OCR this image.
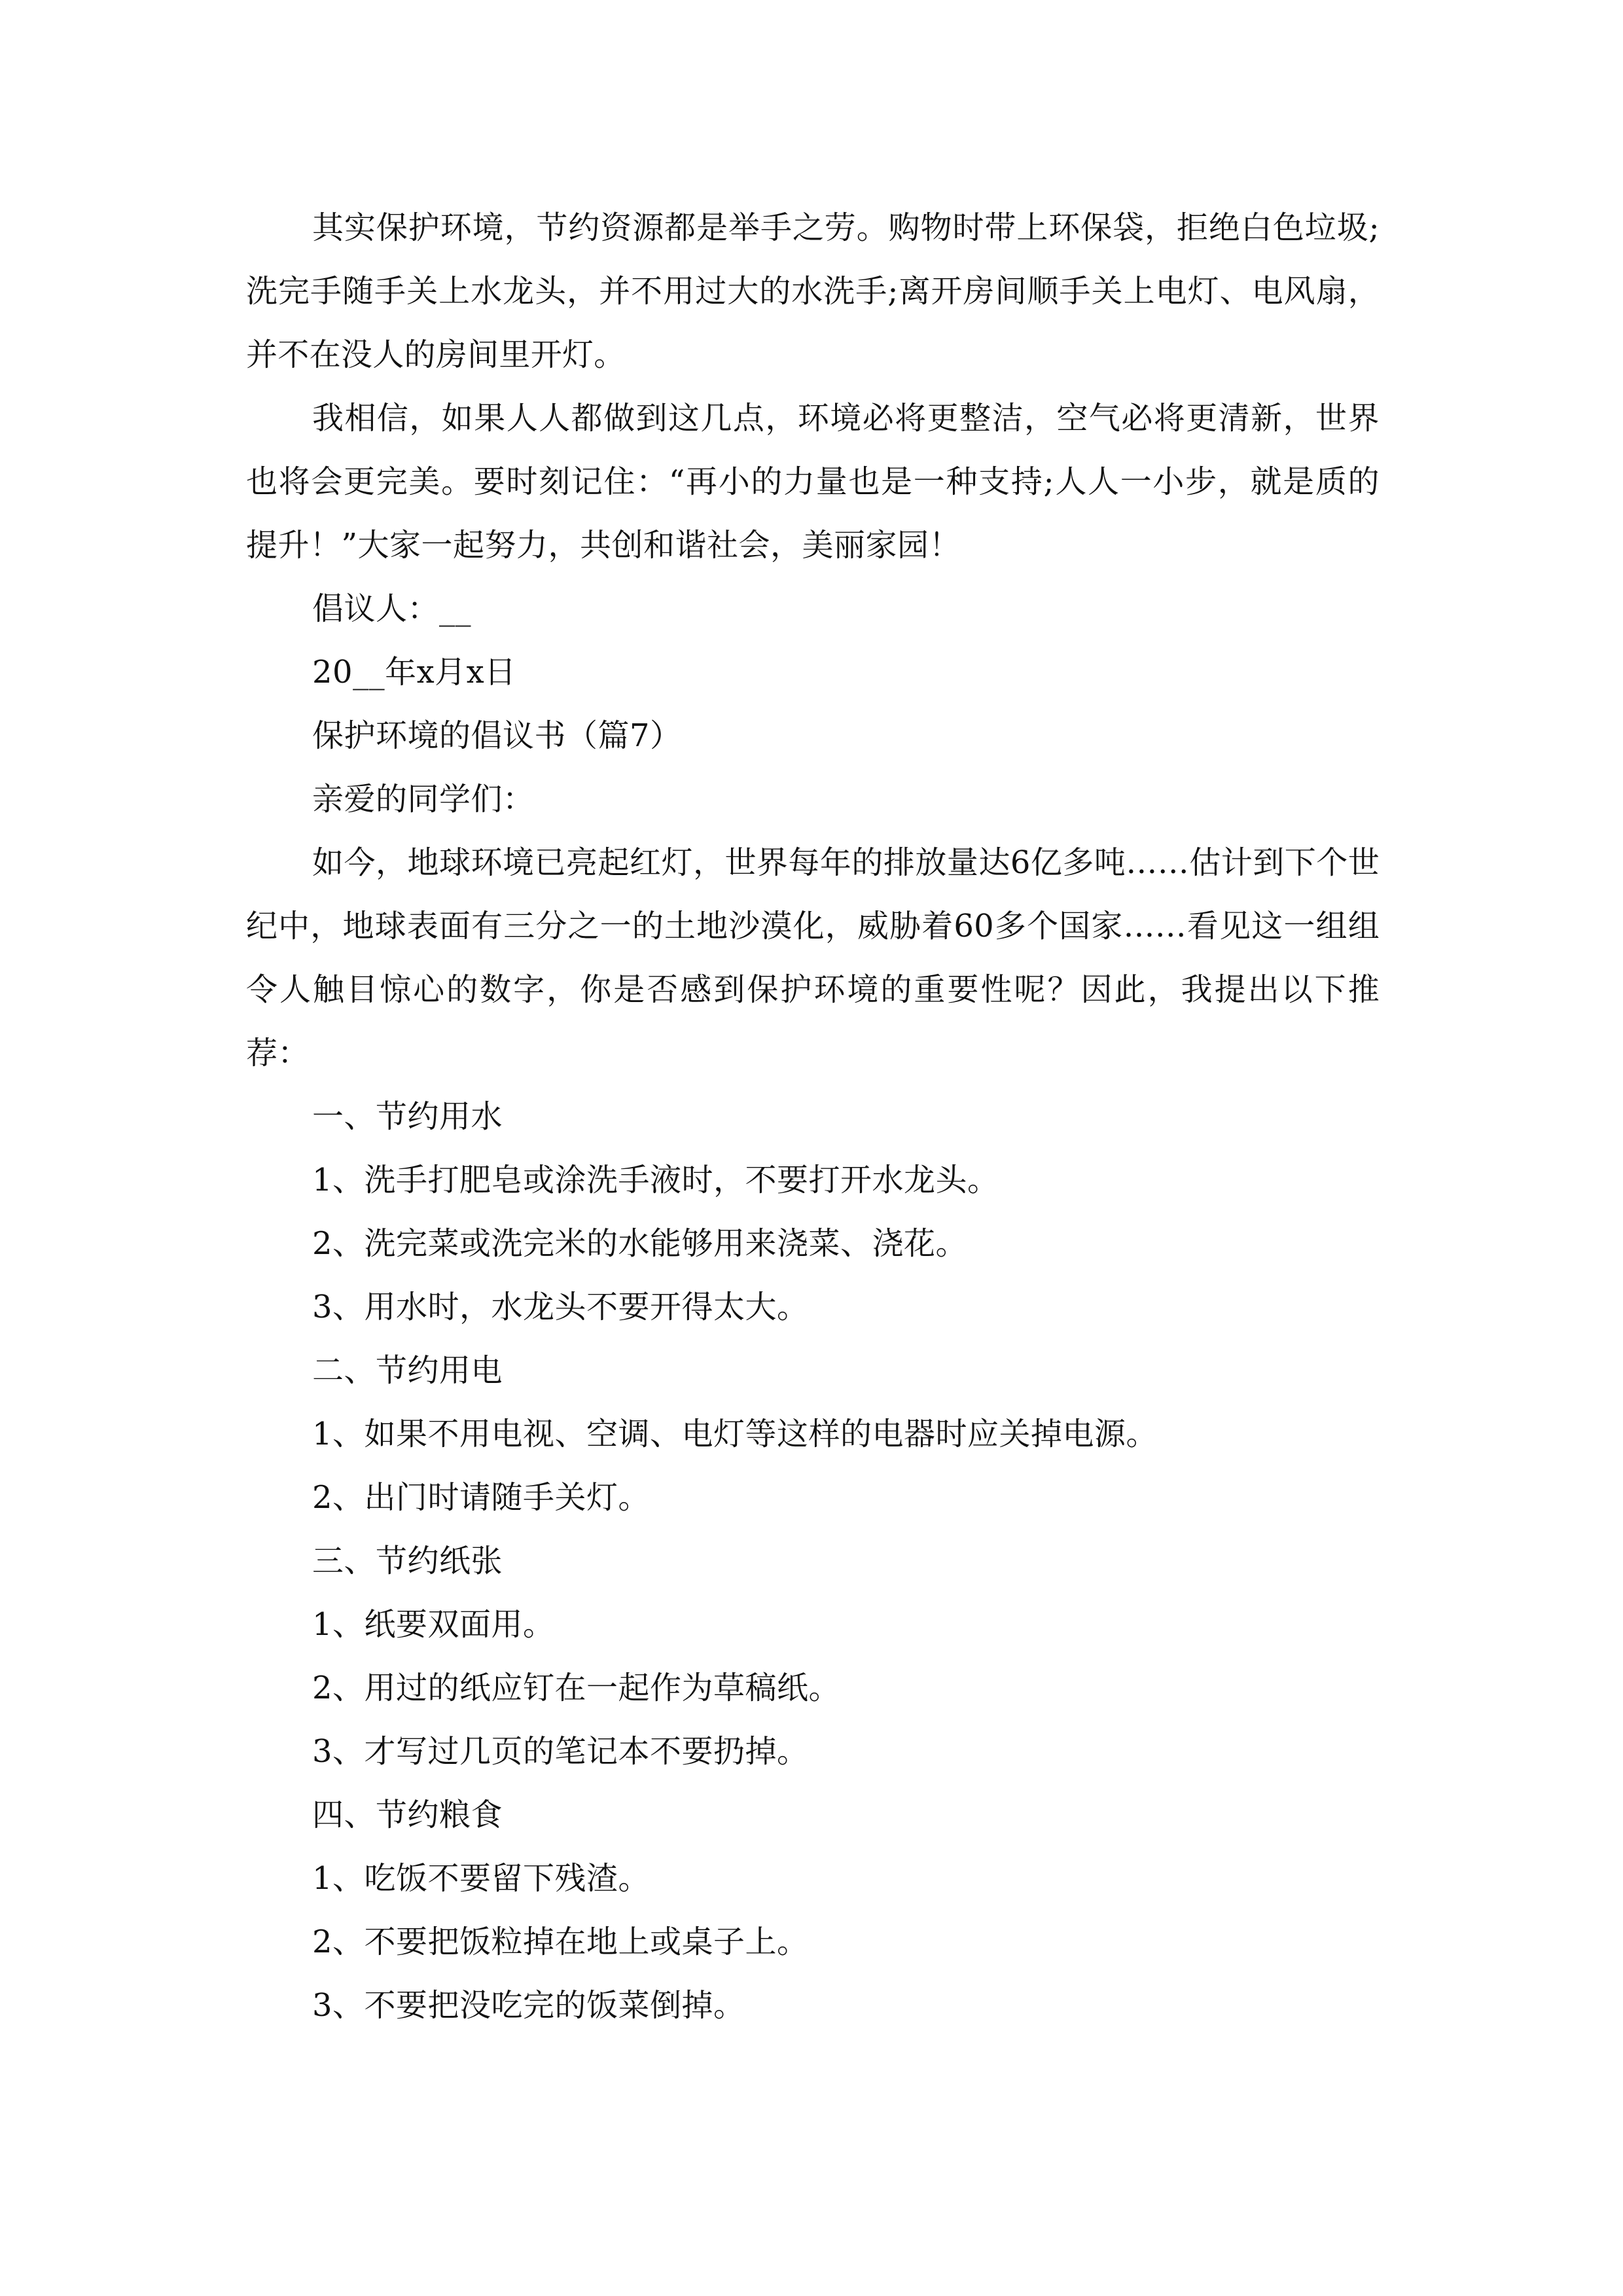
其实保护环境，节约资源都是举手之劳。购物时带上环保袋，拒绝白色垃圾;洗完手随手关上水龙头，并不用过大的水洗手;离开房间顺手关上电灯、电风扇，并不在没人的房间里开灯。

我相信，如果人人都做到这几点，环境必将更整洁，空气必将更清新，世界也将会更完美。要时刻记住：“再小的力量也是一种支持;人人一小步，就是质的提升！”大家一起努力，共创和谐社会，美丽家园！

倡议人：__

20__年x月x日

保护环境的倡议书（篇7）

亲爱的同学们：

如今，地球环境已亮起红灯，世界每年的排放量达6亿多吨……估计到下个世纪中，地球表面有三分之一的土地沙漠化，威胁着60多个国家……看见这一组组令人触目惊心的数字，你是否感到保护环境的重要性呢？因此，我提出以下推荐：

一、节约用水

1、洗手打肥皂或涂洗手液时，不要打开水龙头。

2、洗完菜或洗完米的水能够用来浇菜、浇花。

3、用水时，水龙头不要开得太大。

二、节约用电

1、如果不用电视、空调、电灯等这样的电器时应关掉电源。

2、出门时请随手关灯。

三、节约纸张

1、纸要双面用。

2、用过的纸应钉在一起作为草稿纸。

3、才写过几页的笔记本不要扔掉。

四、节约粮食

1、吃饭不要留下残渣。

2、不要把饭粒掉在地上或桌子上。

3、不要把没吃完的饭菜倒掉。
